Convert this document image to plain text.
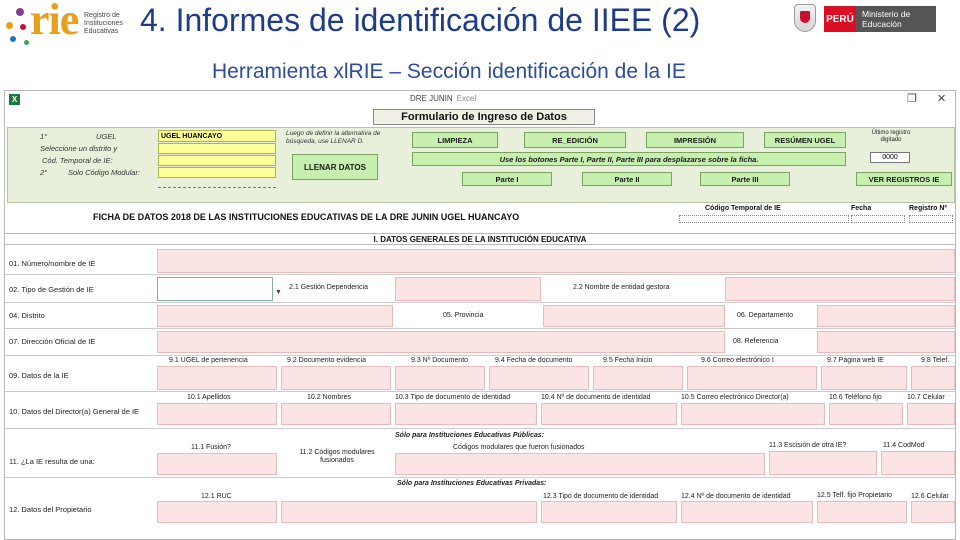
rie Registro de Instituciones Educativas 4. Informes de identificación de IIEE (2)
Herramienta xlRIE – Sección identificación de la IE
PERÚ Ministerio de Educación
X	DRE JUNIN Excel	❐ ✕
Formulario de Ingreso de Datos
1°	UGEL
Seleccione un distrito y
Cód. Temporal de IE:
2°	Solo Código Modular:
UGEL HUANCAYO	Luego de definir la alternativa de búsqueda, use LLENAR D.
LLENAR DATOS
LIMPIEZA	RE_EDICIÓN	IMPRESIÓN	RESÚMEN UGEL
Use los botones Parte I, Parte II, Parte III para desplazarse sobre la ficha.
Parte I	Parte II	Parte III
Último registro digitado
0000
VER REGISTROS IE
FICHA DE DATOS 2018 DE LAS INSTITUCIONES EDUCATIVAS DE LA DRE JUNIN UGEL HUANCAYO
Código Temporal de IE	Fecha	Registro Nº
I. DATOS GENERALES DE LA INSTITUCIÓN EDUCATIVA
01. Número/nombre de IE
02. Tipo de Gestión de IE	▼
2.1 Gestión Dependencia	2.2 Nombre de entidad gestora
04. Distrito	05. Provincia	06. Departamento
07. Dirección Oficial de IE	08. Referencia
9.1 UGEL de pertenencia	9.2 Documento evidencia	9.3 Nº Documento	9.4 Fecha de documento	9.5 Fecha Inicio	9.6 Correo electrónico I	9.7 Página web IE	9.8 Telef.
09. Datos de la IE
10.1 Apellidos	10.2 Nombres	10.3 Tipo de documento de identidad	10.4 Nº de documento de identidad	10.5 Correo electrónico Director(a)	10.6 Teléfono fijo	10.7 Celular
10. Datos del Director(a) General de IE
Sólo para Instituciones Educativas Públicas:
11.1 Fusión?
11.2 Códigos modulares fusionados
Códigos modulares que fueron fusionados	11.3 Escisión de otra IE?	11.4 CodMod
11. ¿La IE resulta de una:
Sólo para Instituciones Educativas Privadas:
12.1 RUC	12.3 Tipo de documento de identidad	12.4 Nº de documento de identidad	12.5 Telf. fijo Propietario	12.6 Celular
12. Datos del Propietario
